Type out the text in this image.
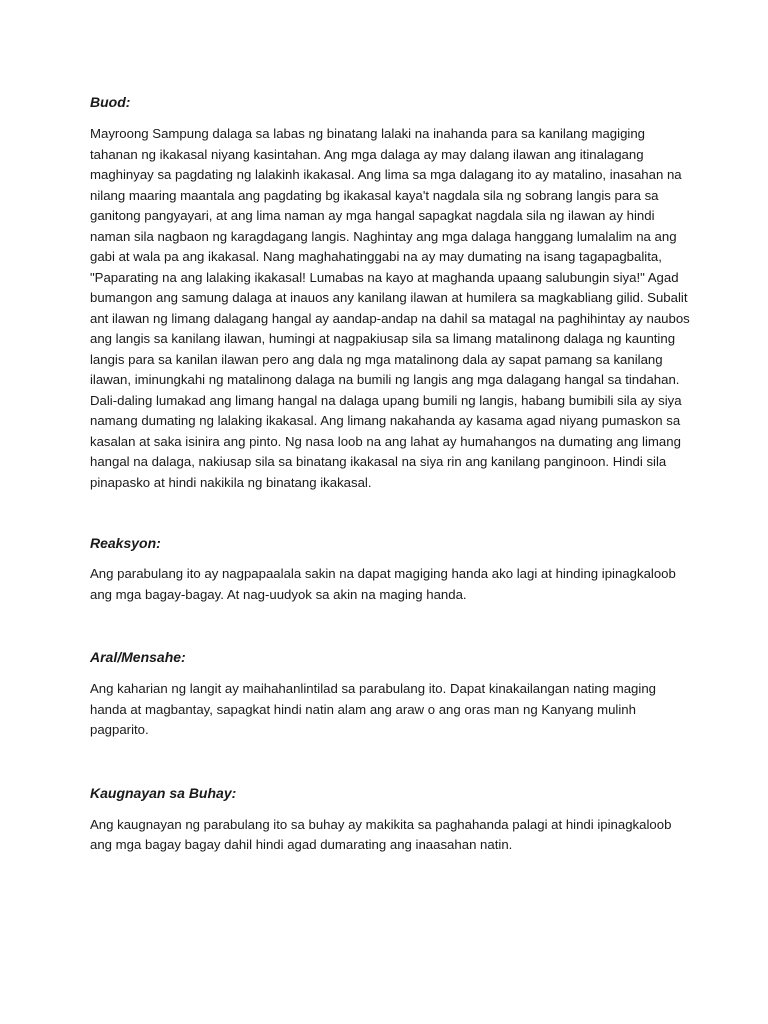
Buod:

Mayroong Sampung dalaga sa labas ng binatang lalaki na inahanda para sa kanilang magiging tahanan ng ikakasal niyang kasintahan. Ang mga dalaga ay may dalang ilawan ang itinalagang maghinyay sa pagdating ng lalakinh ikakasal. Ang lima sa mga dalagang ito ay matalino, inasahan na nilang maaring maantala ang pagdating bg ikakasal kaya't nagdala sila ng sobrang langis para sa ganitong pangyayari, at ang lima naman ay mga hangal sapagkat nagdala sila ng ilawan ay hindi naman sila nagbaon ng karagdagang langis. Naghintay ang mga dalaga hanggang lumalalim na ang gabi at wala pa ang ikakasal. Nang maghahatinggabi na ay may dumating na isang tagapagbalita, "Paparating na ang lalaking ikakasal! Lumabas na kayo at maghanda upaang salubungin siya!" Agad bumangon ang samung dalaga at inauos any kanilang ilawan at humilera sa magkabliang gilid. Subalit ant ilawan ng limang dalagang hangal ay aandap-andap na dahil sa matagal na paghihintay ay naubos ang langis sa kanilang ilawan, humingi at nagpakiusap sila sa limang matalinong dalaga ng kaunting langis para sa kanilan ilawan pero ang dala ng mga matalinong dala ay sapat pamang sa kanilang ilawan, iminungkahi ng matalinong dalaga na bumili ng langis ang mga dalagang hangal sa tindahan. Dali-daling lumakad ang limang hangal na dalaga upang bumili ng langis, habang bumibili sila ay siya namang dumating ng lalaking ikakasal. Ang limang nakahanda ay kasama agad niyang pumaskon sa kasalan at saka isinira ang pinto. Ng nasa loob na ang lahat ay humahangos na dumating ang limang hangal na dalaga, nakiusap sila sa binatang ikakasal na siya rin ang kanilang panginoon. Hindi sila pinapasko at hindi nakikila ng binatang ikakasal.

Reaksyon:

Ang parabulang ito ay nagpapaalala sakin na dapat magiging handa ako lagi at hinding ipinagkaloob ang mga bagay-bagay. At nag-uudyok sa akin na maging handa.

Aral/Mensahe:

Ang kaharian ng langit ay maihahanlintilad sa parabulang ito. Dapat kinakailangan nating maging handa at magbantay, sapagkat hindi natin alam ang araw o ang oras man ng Kanyang mulinh pagparito.

Kaugnayan sa Buhay:

Ang kaugnayan ng parabulang ito sa buhay ay makikita sa paghahanda palagi at hindi ipinagkaloob ang mga bagay bagay dahil hindi agad dumarating ang inaasahan natin.
